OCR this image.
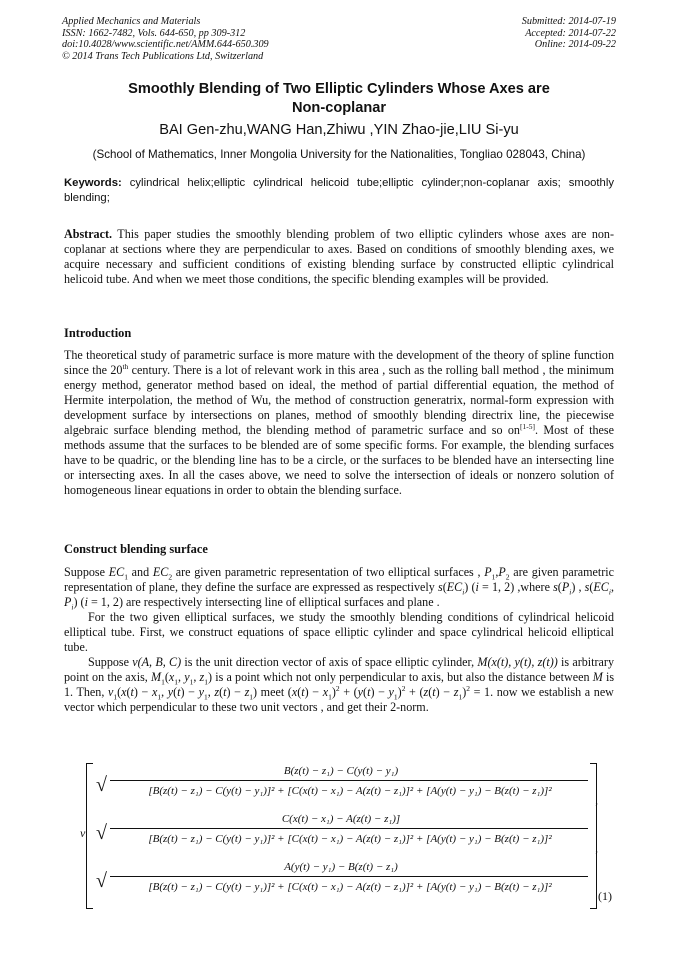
Applied Mechanics and Materials
ISSN: 1662-7482, Vols. 644-650, pp 309-312
doi:10.4028/www.scientific.net/AMM.644-650.309
© 2014 Trans Tech Publications Ltd, Switzerland
Submitted: 2014-07-19
Accepted: 2014-07-22
Online: 2014-09-22
Smoothly Blending of Two Elliptic Cylinders Whose Axes are
Non-coplanar
BAI Gen-zhu,WANG Han,Zhiwu ,YIN Zhao-jie,LIU Si-yu
(School of Mathematics, Inner Mongolia University for the Nationalities, Tongliao 028043, China)
Keywords: cylindrical helix;elliptic cylindrical helicoid tube;elliptic cylinder;non-coplanar axis; smoothly blending;

Abstract. This paper studies the smoothly blending problem of two elliptic cylinders whose axes are non-coplanar at sections where they are perpendicular to axes. Based on conditions of smoothly blending axes, we acquire necessary and sufficient conditions of existing blending surface by constructed elliptic cylindrical helicoid tube. And when we meet those conditions, the specific blending examples will be provided.

Introduction

The theoretical study of parametric surface is more mature with the development of the theory of spline function since the 20th century. There is a lot of relevant work in this area , such as the rolling ball method , the minimum energy method, generator method based on ideal, the method of partial differential equation, the method of Hermite interpolation, the method of Wu, the method of construction generatrix, normal-form expression with development surface by intersections on planes, method of smoothly blending directrix line, the piecewise algebraic surface blending method, the blending method of parametric surface and so on[1-5]. Most of these methods assume that the surfaces to be blended are of some specific forms. For example, the blending surfaces have to be quadric, or the blending line has to be a circle, or the surfaces to be blended have an intersecting line or intersecting axes. In all the cases above, we need to solve the intersection of ideals or nonzero solution of homogeneous linear equations in order to obtain the blending surface.

Construct blending surface

Suppose $EC_1$ and $EC_2$ are given parametric representation of two elliptical surfaces , $P_1,P_2$ are given parametric representation of plane, they define the surface are expressed as respectively $s(EC_i) (i = 1$, 2) ,where $s(P_i)$ , $s(EC_i$, $P_i$) (i = 1, 2) are respectively intersecting line of elliptical surfaces and plane .

For the two given elliptical surfaces, we study the smoothly blending conditions of cylindrical helicoid elliptical tube. First, we construct equations of space elliptic cylinder and space cylindrical helicoid elliptical tube.

Suppose v(A, B, C) is the unit direction vector of axis of space elliptic cylinder, M(x(t), y(t), z(t)) is arbitrary point on the axis, $M_1(x_1$, $y_1$, $z_1$) is a point which not only perpendicular to axis, but also the distance between M is 1. Then, $v_1(x(t) - x_1$, $y(t) - y_1$, $z(t) - z_1$) meet $(x(t) - x_1)^2 + (y(t) - y_1)^2 + (z(t) - z_1)^2 = 1$. now we establish a new vector which perpendicular to these two unit vectors , and get their 2-norm.

v
B(z(t) − z₁) − C(y(t) − y₁)
√	[B(z(t) − z₁) − C(y(t) − y₁)]² + [C(x(t) − x₁) − A(z(t) − z₁)]² + [A(y(t) − y₁) − B(z(t) − z₁)]²
,
C(x(t) − x₁) − A(z(t) − z₁)]
√	[B(z(t) − z₁) − C(y(t) − y₁)]² + [C(x(t) − x₁) − A(z(t) − z₁)]² + [A(y(t) − y₁) − B(z(t) − z₁)]²
,
A(y(t) − y₁) − B(z(t) − z₁)
√	[B(z(t) − z₁) − C(y(t) − y₁)]² + [C(x(t) − x₁) − A(z(t) − z₁)]² + [A(y(t) − y₁) − B(z(t) − z₁)]²
(1)
